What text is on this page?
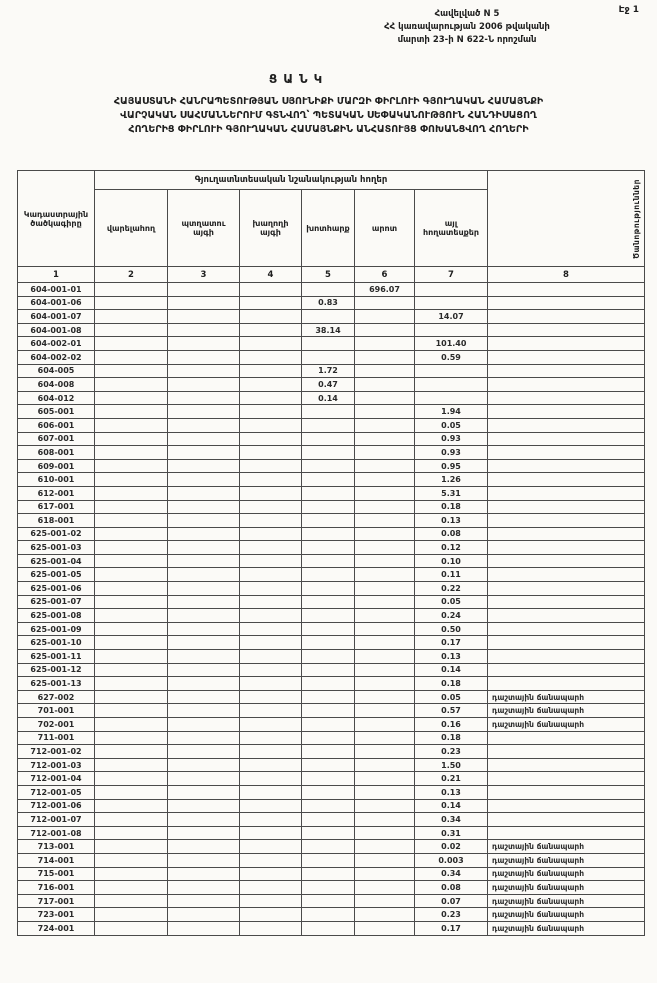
Էջ 1
Հավելված N 5
ՀՀ կառավարության 2006 թվականի
մարտի 23-ի N 622-Ն որոշման
ՑԱՆԿ
ՀԱՅԱՍՏԱՆԻ ՀԱՆՐԱՊԵՏՈՒԹՅԱՆ ՍՅՈՒՆԻՔԻ ՄԱՐԶԻ ՓԻՐԼՈՒԻ ԳՅՈՒՂԱԿԱՆ ՀԱՄԱՅՆՔԻ
ՎԱՐՉԱԿԱՆ ՍԱՀՄԱՆՆԵՐՈՒՄ ԳՏՆՎՈՂ՝ ՊԵՏԱԿԱՆ ՍԵՓԱԿԱՆՈՒԹՅՈՒՆ ՀԱՆԴԻՍԱՑՈՂ
ՀՈՂԵՐԻՑ ՓԻՐԼՈՒԻ ԳՅՈՒՂԱԿԱՆ ՀԱՄԱՅՆՔԻՆ ԱՆՀԱՏՈՒՅՑ ՓՈԽԱՆՑՎՈՂ ՀՈՂԵՐԻ
Կադաստրային ծածկագիրը	Գյուղատնտեսական նշանակության հողեր						Ծանոթություններ

	վարելահող	պտղատու այգի	խաղողի այգի	խոտհարք	արոտ	այլ հողատեսքեր	
1	2	3	4	5	6	7	8
604-001-01					696.07		
604-001-06				0.83			
604-001-07						14.07	
604-001-08				38.14			
604-002-01						101.40	
604-002-02						0.59	
604-005				1.72			
604-008				0.47			
604-012				0.14			
605-001						1.94	
606-001						0.05	
607-001						0.93	
608-001						0.93	
609-001						0.95	
610-001						1.26	
612-001						5.31	
617-001						0.18	
618-001						0.13	
625-001-02						0.08	
625-001-03						0.12	
625-001-04						0.10	
625-001-05						0.11	
625-001-06						0.22	
625-001-07						0.05	
625-001-08						0.24	
625-001-09						0.50	
625-001-10						0.17	
625-001-11						0.13	
625-001-12						0.14	
625-001-13						0.18	
627-002						0.05	դաշտային ճանապարհ
701-001						0.57	դաշտային ճանապարհ
702-001						0.16	դաշտային ճանապարհ
711-001						0.18	
712-001-02						0.23	
712-001-03						1.50	
712-001-04						0.21	
712-001-05						0.13	
712-001-06						0.14	
712-001-07						0.34	
712-001-08						0.31	
713-001						0.02	դաշտային ճանապարհ
714-001						0.003	դաշտային ճանապարհ
715-001						0.34	դաշտային ճանապարհ
716-001						0.08	դաշտային ճանապարհ
717-001						0.07	դաշտային ճանապարհ
723-001						0.23	դաշտային ճանապարհ
724-001						0.17	դաշտային ճանապարհ
